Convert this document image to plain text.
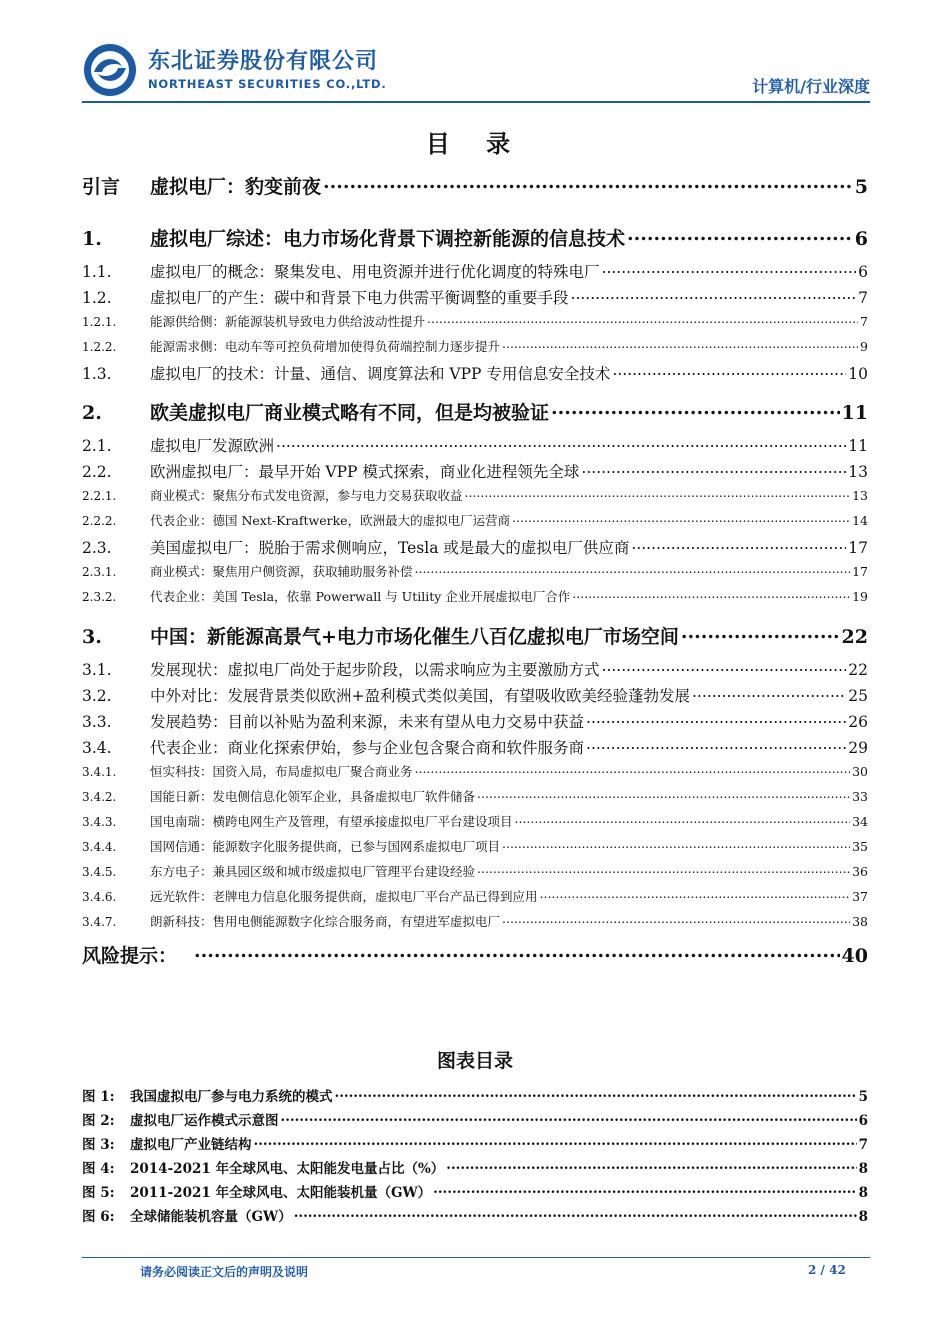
东北证券股份有限公司
NORTHEAST SECURITIES CO.,LTD.	计算机/行业深度
目 录
引言	虚拟电厂：豹变前夜 .....	5
1.	虚拟电厂综述：电力市场化背景下调控新能源的信息技术 .....	6
1.1.	虚拟电厂的概念：聚集发电、用电资源并进行优化调度的特殊电厂 .....	6
1.2.	虚拟电厂的产生：碳中和背景下电力供需平衡调整的重要手段 .....	7
1.2.1.	能源供给侧：新能源装机导致电力供给波动性提升 .....	7
1.2.2.	能源需求侧：电动车等可控负荷增加使得负荷端控制力逐步提升 .....	9
1.3.	虚拟电厂的技术：计量、通信、调度算法和 VPP 专用信息安全技术 .....	10
2.	欧美虚拟电厂商业模式略有不同，但是均被验证 .....	11
2.1.	虚拟电厂发源欧洲 .....	11
2.2.	欧洲虚拟电厂：最早开始 VPP 模式探索，商业化进程领先全球 .....	13
2.2.1.	商业模式：聚焦分布式发电资源，参与电力交易获取收益 .....	13
2.2.2.	代表企业：德国 Next-Kraftwerke，欧洲最大的虚拟电厂运营商 .....	14
2.3.	美国虚拟电厂：脱胎于需求侧响应，Tesla 或是最大的虚拟电厂供应商 .....	17
2.3.1.	商业模式：聚焦用户侧资源，获取辅助服务补偿 .....	17
2.3.2.	代表企业：美国 Tesla，依靠 Powerwall 与 Utility 企业开展虚拟电厂合作 .....	19
3.	中国：新能源高景气+电力市场化催生八百亿虚拟电厂市场空间 .....	22
3.1.	发展现状：虚拟电厂尚处于起步阶段，以需求响应为主要激励方式 .....	22
3.2.	中外对比：发展背景类似欧洲+盈利模式类似美国，有望吸收欧美经验蓬勃发展 .....	25
3.3.	发展趋势：目前以补贴为盈利来源，未来有望从电力交易中获益 .....	26
3.4.	代表企业：商业化探索伊始，参与企业包含聚合商和软件服务商 .....	29
3.4.1.	恒实科技：国资入局，布局虚拟电厂聚合商业务 .....	30
3.4.2.	国能日新：发电侧信息化领军企业，具备虚拟电厂软件储备 .....	33
3.4.3.	国电南瑞：横跨电网生产及管理，有望承接虚拟电厂平台建设项目 .....	34
3.4.4.	国网信通：能源数字化服务提供商，已参与国网系虚拟电厂项目 .....	35
3.4.5.	东方电子：兼具园区级和城市级虚拟电厂管理平台建设经验 .....	36
3.4.6.	远光软件：老牌电力信息化服务提供商，虚拟电厂平台产品已得到应用 .....	37
3.4.7.	朗新科技：售用电侧能源数字化综合服务商，有望进军虚拟电厂 .....	38
风险提示： .....	40
图表目录
图 1:	我国虚拟电厂参与电力系统的模式 .....	5
图 2:	虚拟电厂运作模式示意图 .....	6
图 3:	虚拟电厂产业链结构 .....	7
图 4:	2014-2021 年全球风电、太阳能发电量占比（%） .....	8
图 5:	2011-2021 年全球风电、太阳能装机量（GW） .....	8
图 6:	全球储能装机容量（GW） .....	8
请务必阅读正文后的声明及说明	2 / 42
